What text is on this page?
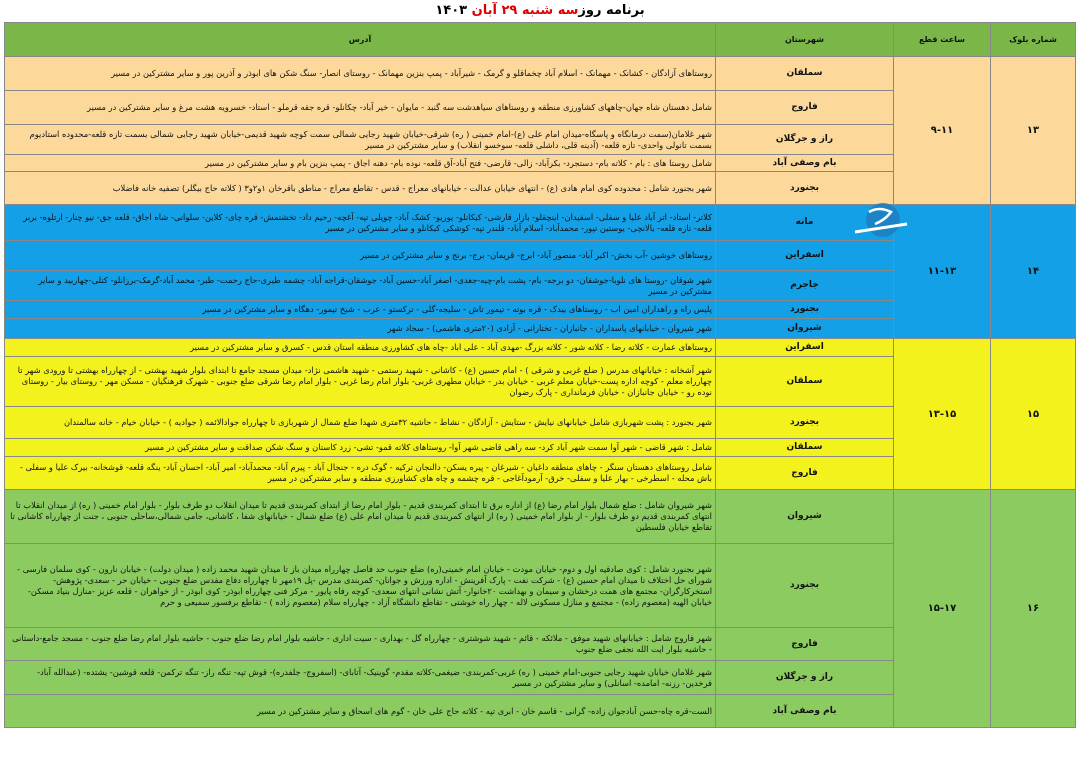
برنامه روزسه شنبه ۲۹ آبان ۱۴۰۳
شماره بلوک	ساعت قطع	شهرستان	آدرس
۱۳	۹-۱۱	سملقان	روستاهای آزادگان - کشانک - مهمانک - اسلام آباد چخماقلو و گرمک - شیرآباد - پمپ بنزین مهمانک - روستای انصار- سنگ شکن های ابوذر و آذرین پور و سایر مشترکین در مسیر
		فاروج	شامل دهستان شاه جهان-چاههای کشاورزی منطقه و روستاهای سیاهدشت سه گنبد - مایوان - خیر آباد- چکانلو- قره جقه قرملو - استاد- خسرویه هشت مرغ و سایر مشترکین در مسیر
		راز و جرگلان	شهر غلامان(سمت درمانگاه و پاسگاه-میدان امام علی (ع)-امام خمینی ( ره) شرقی-خیابان شهید رجایی شمالی سمت کوچه شهید قدیمی-خیابان شهید رجایی شمالی بسمت تازه قلعه-محدوده استادیوم بسمت تانولی واحدی- تازه قلعه- (آدینه قلی، داشلی قلعه- سوخسو انقلاب) و سایر مشترکین در مسیر
		بام وصفی آباد	شامل روستا های : بام - کلاته بام- دستجرد- بکرآباد- زالی- قارضی- فتح آباد-آق قلعه- نوده بام- دهنه اجاق - پمپ بنزین بام و سایر مشترکین در مسیر
		بجنورد	شهر بجنورد شامل : محدوده کوی امام هادی (ع) - انتهای خیابان عدالت - خیابانهای معراج - قدس - تقاطع معراج - مناطق باقرخان ۱و۲و۳ ( کلاته حاج بیگلر) تصفیه خانه فاضلاب
۱۴	۱۱-۱۳	مانه	کلاتر- استاد- اتر آباد علیا و سفلی- اسفیدان- اینچقلو- بازار قارشی- کیکانلو- یوریو- کشک آباد- چویلی تپه- آغچه- رحیم داد- تخشتمش- قره چای- کلاین- سلوانی- شاه اجاق- قلعه جق- نیو چنار- ارتلوه- بربر قلعه- تازه قلعه- یالانچی- یوستین تپور- محمدآباد- اسلام آباد- قلندر تپه- کوشکی کیکانلو و سایر مشترکین در مسیر
		اسفراین	روستاهای خوشین -آب بخش- اکبر آباد- منصور آباد- ابرج- قریمان- برج- برنج و سایر مشترکین در مسیر
		جاجرم	شهر شوقان -روستا های نلوبا-جوشقان- دو برجه- بام- پشت بام-چیه-جغدی- اصغر آباد-حسین آباد- جوشقان-قراجه آباد- چشمه طیری-حاج رحمت- طبر- محمد آباد-گرمک-برزانلو- کتلی-چهاربید و سایر مشترکین در مسیر
		بجنورد	پلیس راه و راهداران امین اب - روستاهای بیدک - قره بوته - تیمور تاش - سلیجه-گلی - ترکستو - عرب - شیخ تیمور- دهگاه و سایر مشترکین در مسیر
		شیروان	شهر شیروان - خیابانهای پاسداران - جانبازان - تختارانی - آزادی (۲۰متری هاشمی) - سجاد شهر
۱۵	۱۳-۱۵	اسفراین	روستاهای عمارت - کلاته رضا - کلاته شور - کلاته بزرگ -مهدی آباد - علی اباد -چاه های کشاورزی منطقه استان قدس - کسرق و سایر مشترکین در مسیر
		سملقان	شهر آشخانه : خیابانهای مدرس ( ضلع غربی و شرقی ) - امام حسین (ع) - کاشانی - شهید رستمی - شهید هاشمی نژاد- میدان مسجد جامع تا ابتدای بلوار شهید بهشتی - از چهارراه بهشتی تا ورودی شهر تا چهارراه معلم - کوچه اداره پست-خیابان معلم غربی - خیابان بدر - خیابان مطهری غربی- بلوار امام رضا غربی - بلوار امام رضا شرقی ضلع جنوبی - شهرک فرهنگیان - مسکن مهر - روستای بیار - روستای نوده رو - خیابان جانبازان - خیابان فرمانداری - پارک رضوان
		بجنورد	شهر بجنورد : پشت شهربازی شامل خیابانهای نیایش - ستایش - آزادگان - نشاط - حاشیه ۳۲متری شهدا ضلع شمال از شهربازی تا چهارراه جوادالائمه ( جوادیه ) - خیابان خیام - خانه سالمندان
		سملقان	شامل : شهر قاضی - شهر آوا سمت شهر آباد کرد- سه راهی قاضی شهر آوا- روستاهای کلاته قمو- تشی- زرد کاستان و سنگ شکن صداقت و سایر مشترکین در مسیر
		فاروج	شامل روستاهای دهستان سنگر - چاهای منطقه داغیان - شیرغان - پیره یسکن- دالنجان ترکیه - گوک دره - جنجال آباد - پیرم آباد- محمدآباد- امیر آباد- احسان آباد- ینگه قلعه- قوشخانه- بیرک علیا و سفلی - باش محله - اسطرخی - بهار علیا و سفلی- خرق- آرمودآغاجی - قره چشمه و چاه های کشاورزی منطقه و سایر مشترکین در مسیر
۱۶	۱۵-۱۷	شیروان	شهر شیروان شامل : ضلع شمال بلوار امام رضا (ع) از اداره برق تا ابتدای کمربندی قدیم - بلوار امام رضا از ابتدای کمربندی قدیم تا میدان انقلاب دو طرف بلوار - بلوار امام خمینی ( ره) از میدان انقلاب تا انتهای کمربندی قدیم دو طرف بلوار - از بلوار امام خمینی ( ره) از انتهای کمربندی قدیم تا میدان امام علی (ع) ضلع شمال - خیابانهای شفا ، کاشانی، جامی شمالی،ساحلی جنوبی ، جنت از چهارراه کاشانی تا تقاطع خیابان فلسطین
		بجنورد	شهر بجنورد شامل : کوی صادقیه اول و دوم- خیابان مودت - خیابان امام خمینی(ره) ضلع جنوب حد فاصل چهارراه میدان باز تا میدان شهید محمد زاده ( میدان دولت) - خیابان نارون - کوی سلمان فارسی - شورای حل اختلاف تا میدان امام حسین (ع) - شرکت نفت - پارک آفرینش - اداره ورزش و جوانان- کمربندی مدرس -پل ۱۹مهر تا چهارراه دفاع مقدس ضلع جنوبی - خیابان حر - سعدی- پژوهش- استخرکارگران- مجتمع های همت درخشان و سیمان و بهداشت ۲۰خانوار- آتش نشانی انتهای سعدی- کوچه رفاه پایور - مرکز فنی چهارراه ابوذر- کوی ابوذر - از خواهران - قلعه عزیز -منازل بنیاد مسکن- خیابان الهیه (معصوم زاده) - مجتمع و منازل مسکونی لاله - چهار راه خوشتی - تقاطع دانشگاه آزاد - چهارراه سلام (معصوم زاده ) - تقاطع برفسور سمیعی و حرم
		فاروج	شهر فاروج شامل : خیابانهای شهید موفق - ملائکه - قائم - شهید شوشتری - چهارراه گل - بهداری - سیت اداری - حاشیه بلوار امام رضا ضلع جنوب - حاشیه بلوار امام رضا ضلع جنوب - مسجد جامع-داستانی - حاشیه بلوار ایت الله نجفی ضلع جنوب
		راز و جرگلان	شهر غلامان خیابان شهید رجایی جنوبی-امام خمینی ( ره) غربی-کمربندی- ضیغمی-کلاته مقدم- گوینیک- آتابای- (اسفروج- جلفدره)- قوش تپه- تنگه راز- تنگه ترکمن- قلعه قوشین- یشتده- (عبدالله آباد- فرخدین- رزنه- امامده- اسانلی) و سایر مشترکین در مسیر
		بام وصفی آباد	الست-قره چاه-حسن آبادجوان زاده- گرانی - قاسم خان - ابری تپه - کلاته حاج علی خان - گوم های اسحاق و سایر مشترکین در مسیر
